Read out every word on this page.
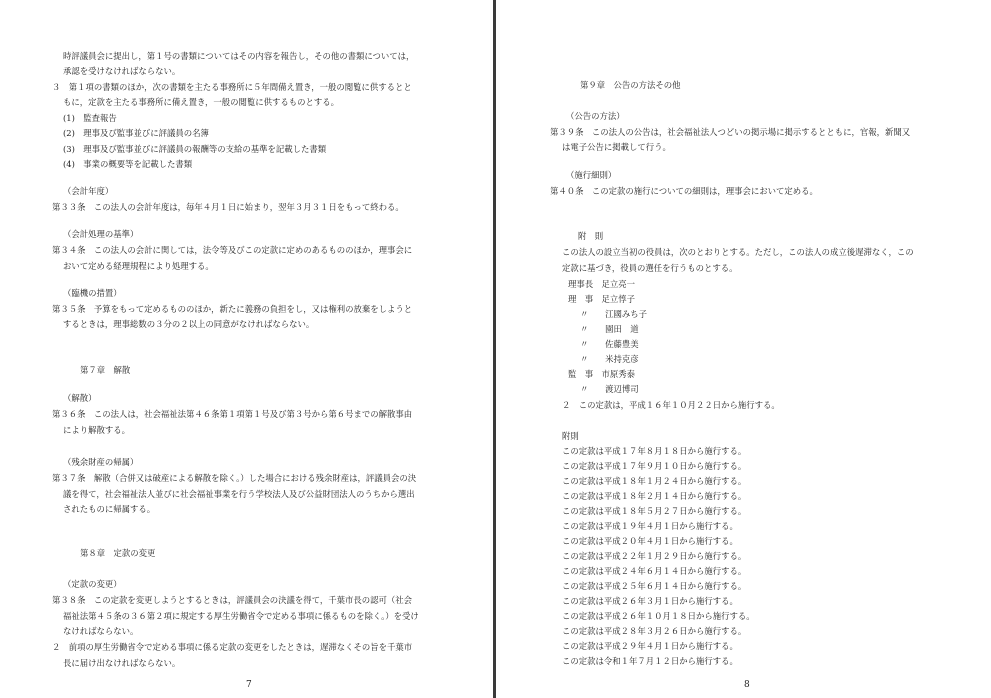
時評議員会に提出し，第１号の書類についてはその内容を報告し，その他の書類については，
承認を受けなければならない。
３　第１項の書類のほか，次の書類を主たる事務所に５年間備え置き，一般の閲覧に供するとと
もに，定款を主たる事務所に備え置き，一般の閲覧に供するものとする。
(1)　監査報告
(2)　理事及び監事並びに評議員の名簿
(3)　理事及び監事並びに評議員の報酬等の支給の基準を記載した書類
(4)　事業の概要等を記載した書類
（会計年度）
第３３条　この法人の会計年度は，毎年４月１日に始まり，翌年３月３１日をもって終わる。
（会計処理の基準）
第３４条　この法人の会計に関しては，法令等及びこの定款に定めのあるもののほか，理事会に
おいて定める経理規程により処理する。
（臨機の措置）
第３５条　予算をもって定めるもののほか，新たに義務の負担をし，又は権利の放棄をしようと
するときは，理事総数の３分の２以上の同意がなければならない。
第７章　解散
（解散）
第３６条　この法人は，社会福祉法第４６条第１項第１号及び第３号から第６号までの解散事由
により解散する。
（残余財産の帰属）
第３７条　解散（合併又は破産による解散を除く。）した場合における残余財産は，評議員会の決
議を得て，社会福祉法人並びに社会福祉事業を行う学校法人及び公益財団法人のうちから選出
されたものに帰属する。
第８章　定款の変更
（定款の変更）
第３８条　この定款を変更しようとするときは，評議員会の決議を得て，千葉市長の認可（社会
福祉法第４５条の３６第２項に規定する厚生労働省令で定める事項に係るものを除く。）を受け
なければならない。
２　前項の厚生労働省令で定める事項に係る定款の変更をしたときは，遅滞なくその旨を千葉市
長に届け出なければならない。
7
第９章　公告の方法その他
（公告の方法）
第３９条　この法人の公告は，社会福祉法人つどいの掲示場に掲示するとともに，官報，新聞又
は電子公告に掲載して行う。
（施行細則）
第４０条　この定款の施行についての細則は，理事会において定める。
附　則
この法人の設立当初の役員は，次のとおりとする。ただし，この法人の成立後遅滞なく，この
定款に基づき，役員の選任を行うものとする。
理事長　足立亮一
理　事　足立惇子
〃　　江國みち子
〃　　園田　道
〃　　佐藤豊美
〃　　米持克彦
監　事　市原秀泰
〃　　渡辺博司
２　この定款は，平成１６年１０月２２日から施行する。
附則
この定款は平成１７年８月１８日から施行する。
この定款は平成１７年９月１０日から施行する。
この定款は平成１８年１月２４日から施行する。
この定款は平成１８年２月１４日から施行する。
この定款は平成１８年５月２７日から施行する。
この定款は平成１９年４月１日から施行する。
この定款は平成２０年４月１日から施行する。
この定款は平成２２年１月２９日から施行する。
この定款は平成２４年６月１４日から施行する。
この定款は平成２５年６月１４日から施行する。
この定款は平成２６年３月１日から施行する。
この定款は平成２６年１０月１８日から施行する。
この定款は平成２８年３月２６日から施行する。
この定款は平成２９年４月１日から施行する。
この定款は令和１年７月１２日から施行する。
8
